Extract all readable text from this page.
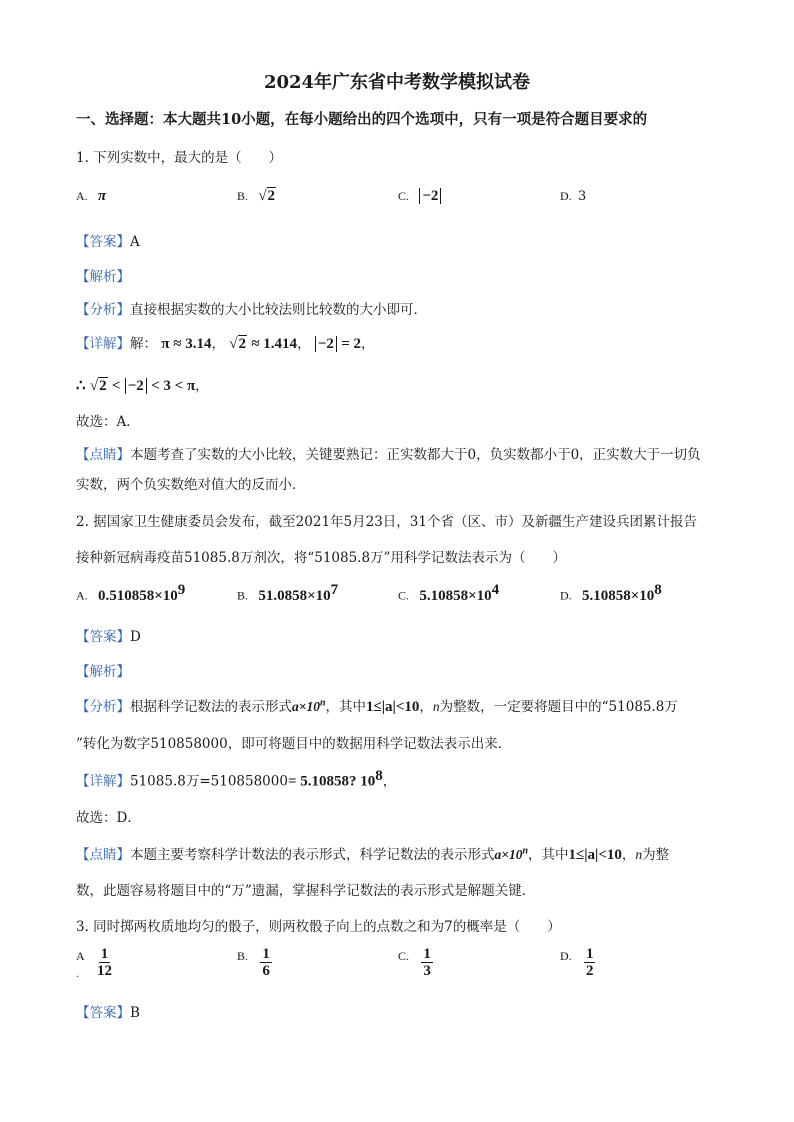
2024年广东省中考数学模拟试卷
一、选择题：本大题共10小题，在每小题给出的四个选项中，只有一项是符合题目要求的
1. 下列实数中，最大的是（　　）
A. π	B. √2	C. −2	D. 3
【答案】A
【解析】
【分析】直接根据实数的大小比较法则比较数的大小即可．
【详解】解： π ≈ 3.14， √2 ≈ 1.414， −2 = 2，
∴ √2 < −2 < 3 < π，
故选：A．
【点睛】本题考查了实数的大小比较，关键要熟记：正实数都大于0，负实数都小于0，正实数大于一切负
实数，两个负实数绝对值大的反而小．
2. 据国家卫生健康委员会发布，截至2021年5月23日，31个省（区、市）及新疆生产建设兵团累计报告
接种新冠病毒疫苗51085.8万剂次，将“51085.8万”用科学记数法表示为（　　）
A. $0.510858\times 10^9$	B. $51.0858\times 10^7$	C. $5.10858\times 10^4$	D. $5.10858\times 10^8$
【答案】D
【解析】
【分析】根据科学记数法的表示形式$a\times 10^n$，其中1≤|a|<10，n为整数，一定要将题目中的“51085.8万
”转化为数字510858000，即可将题目中的数据用科学记数法表示出来．
【详解】51085.8万=510858000= 5.10858? $10^8$，
故选：D．
【点睛】本题主要考察科学计数法的表示形式，科学记数法的表示形式$a\times 10^n$，其中1≤|a|<10，n为整
数，此题容易将题目中的“万”遗漏，掌握科学记数法的表示形式是解题关键．
3. 同时掷两枚质地均匀的骰子，则两枚骰子向上的点数之和为7的概率是（　　）
A $\frac{1}{12}$
.
B. $\frac{1}{6}$	C. $\frac{1}{3}$	D. $\frac{1}{2}$
【答案】B
